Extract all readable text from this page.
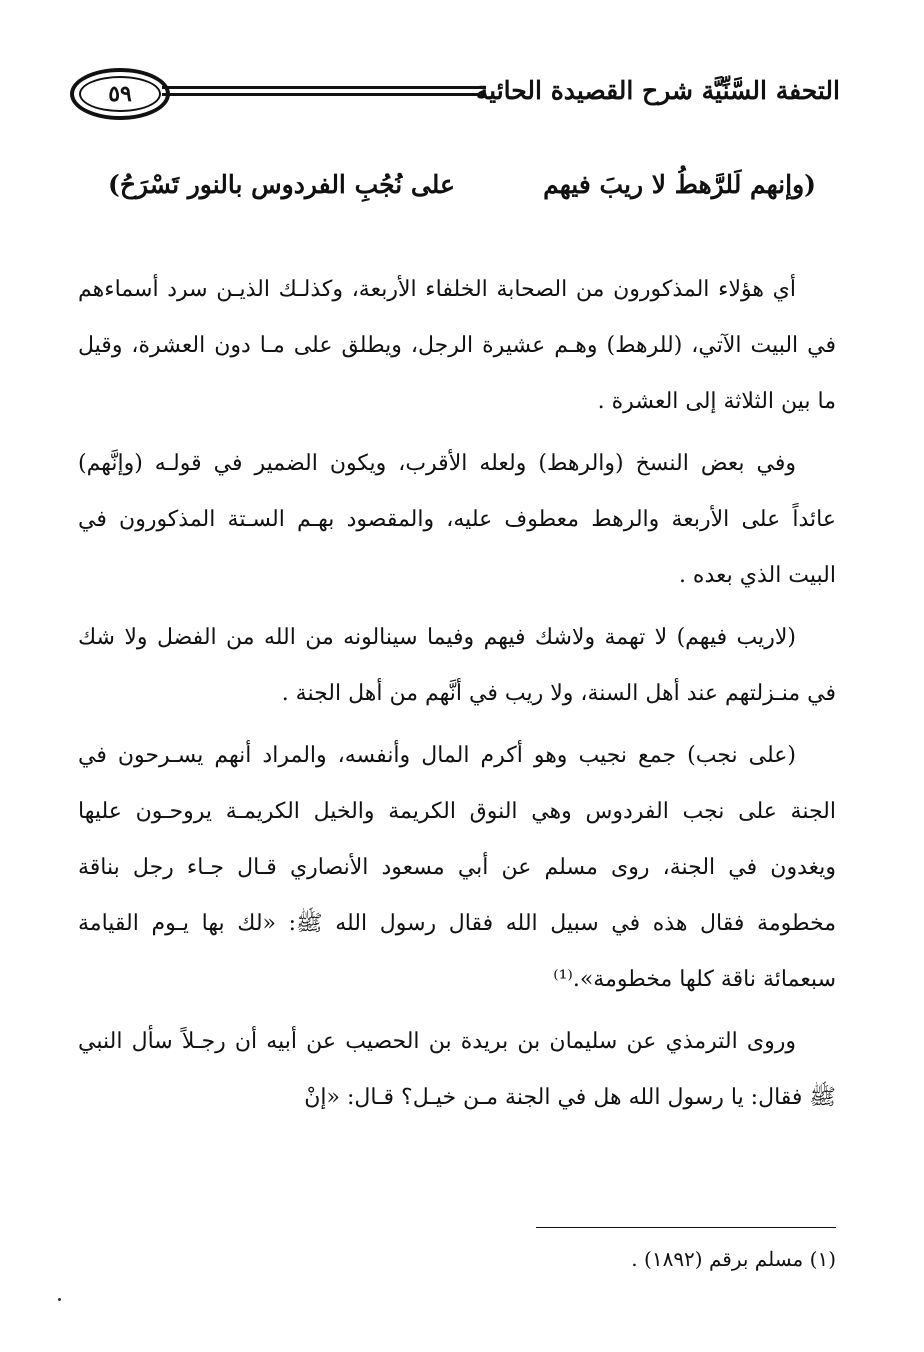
التحفة السَّنِّيَّة شرح القصيدة الحائية
٥٩
(وإنهم لَلرَّهطُ لا ريبَ فيهم
على نُجُبِ الفردوس بالنور تَسْرَحُ)

أي هؤلاء المذكورون من الصحابة الخلفاء الأربعة، وكذلـك الذيـن سرد أسماءهم في البيت الآتي، (للرهط) وهـم عشيرة الرجل، ويطلق على مـا دون العشرة، وقيل ما بين الثلاثة إلى العشرة .

وفي بعض النسخ (والرهط) ولعله الأقرب، ويكون الضمير في قولـه (وإنَّهم) عائداً على الأربعة والرهط معطوف عليه، والمقصود بهـم السـتة المذكورون في البيت الذي بعده .

(لاريب فيهم) لا تهمة ولاشك فيهم وفيما سينالونه من الله من الفضل ولا شك في منـزلتهم عند أهل السنة، ولا ريب في أنَّهم من أهل الجنة .

(على نجب) جمع نجيب وهو أكرم المال وأنفسه، والمراد أنهم يسـرحون في الجنة على نجب الفردوس وهي النوق الكريمة والخيل الكريمـة يروحـون عليها ويغدون في الجنة، روى مسلم عن أبي مسعود الأنصاري قـال جـاء رجل بناقة مخطومة فقال هذه في سبيل الله فقال رسول الله ﷺ: «لك بها يـوم القيامة سبعمائة ناقة كلها مخطومة».⁽¹⁾

وروى الترمذي عن سليمان بن بريدة بن الحصيب عن أبيه أن رجـلاً سأل النبي ﷺ فقال: يا رسول الله هل في الجنة مـن خيـل؟ قـال: «إنْ

(١) مسلم برقم (١٨٩٢) .
